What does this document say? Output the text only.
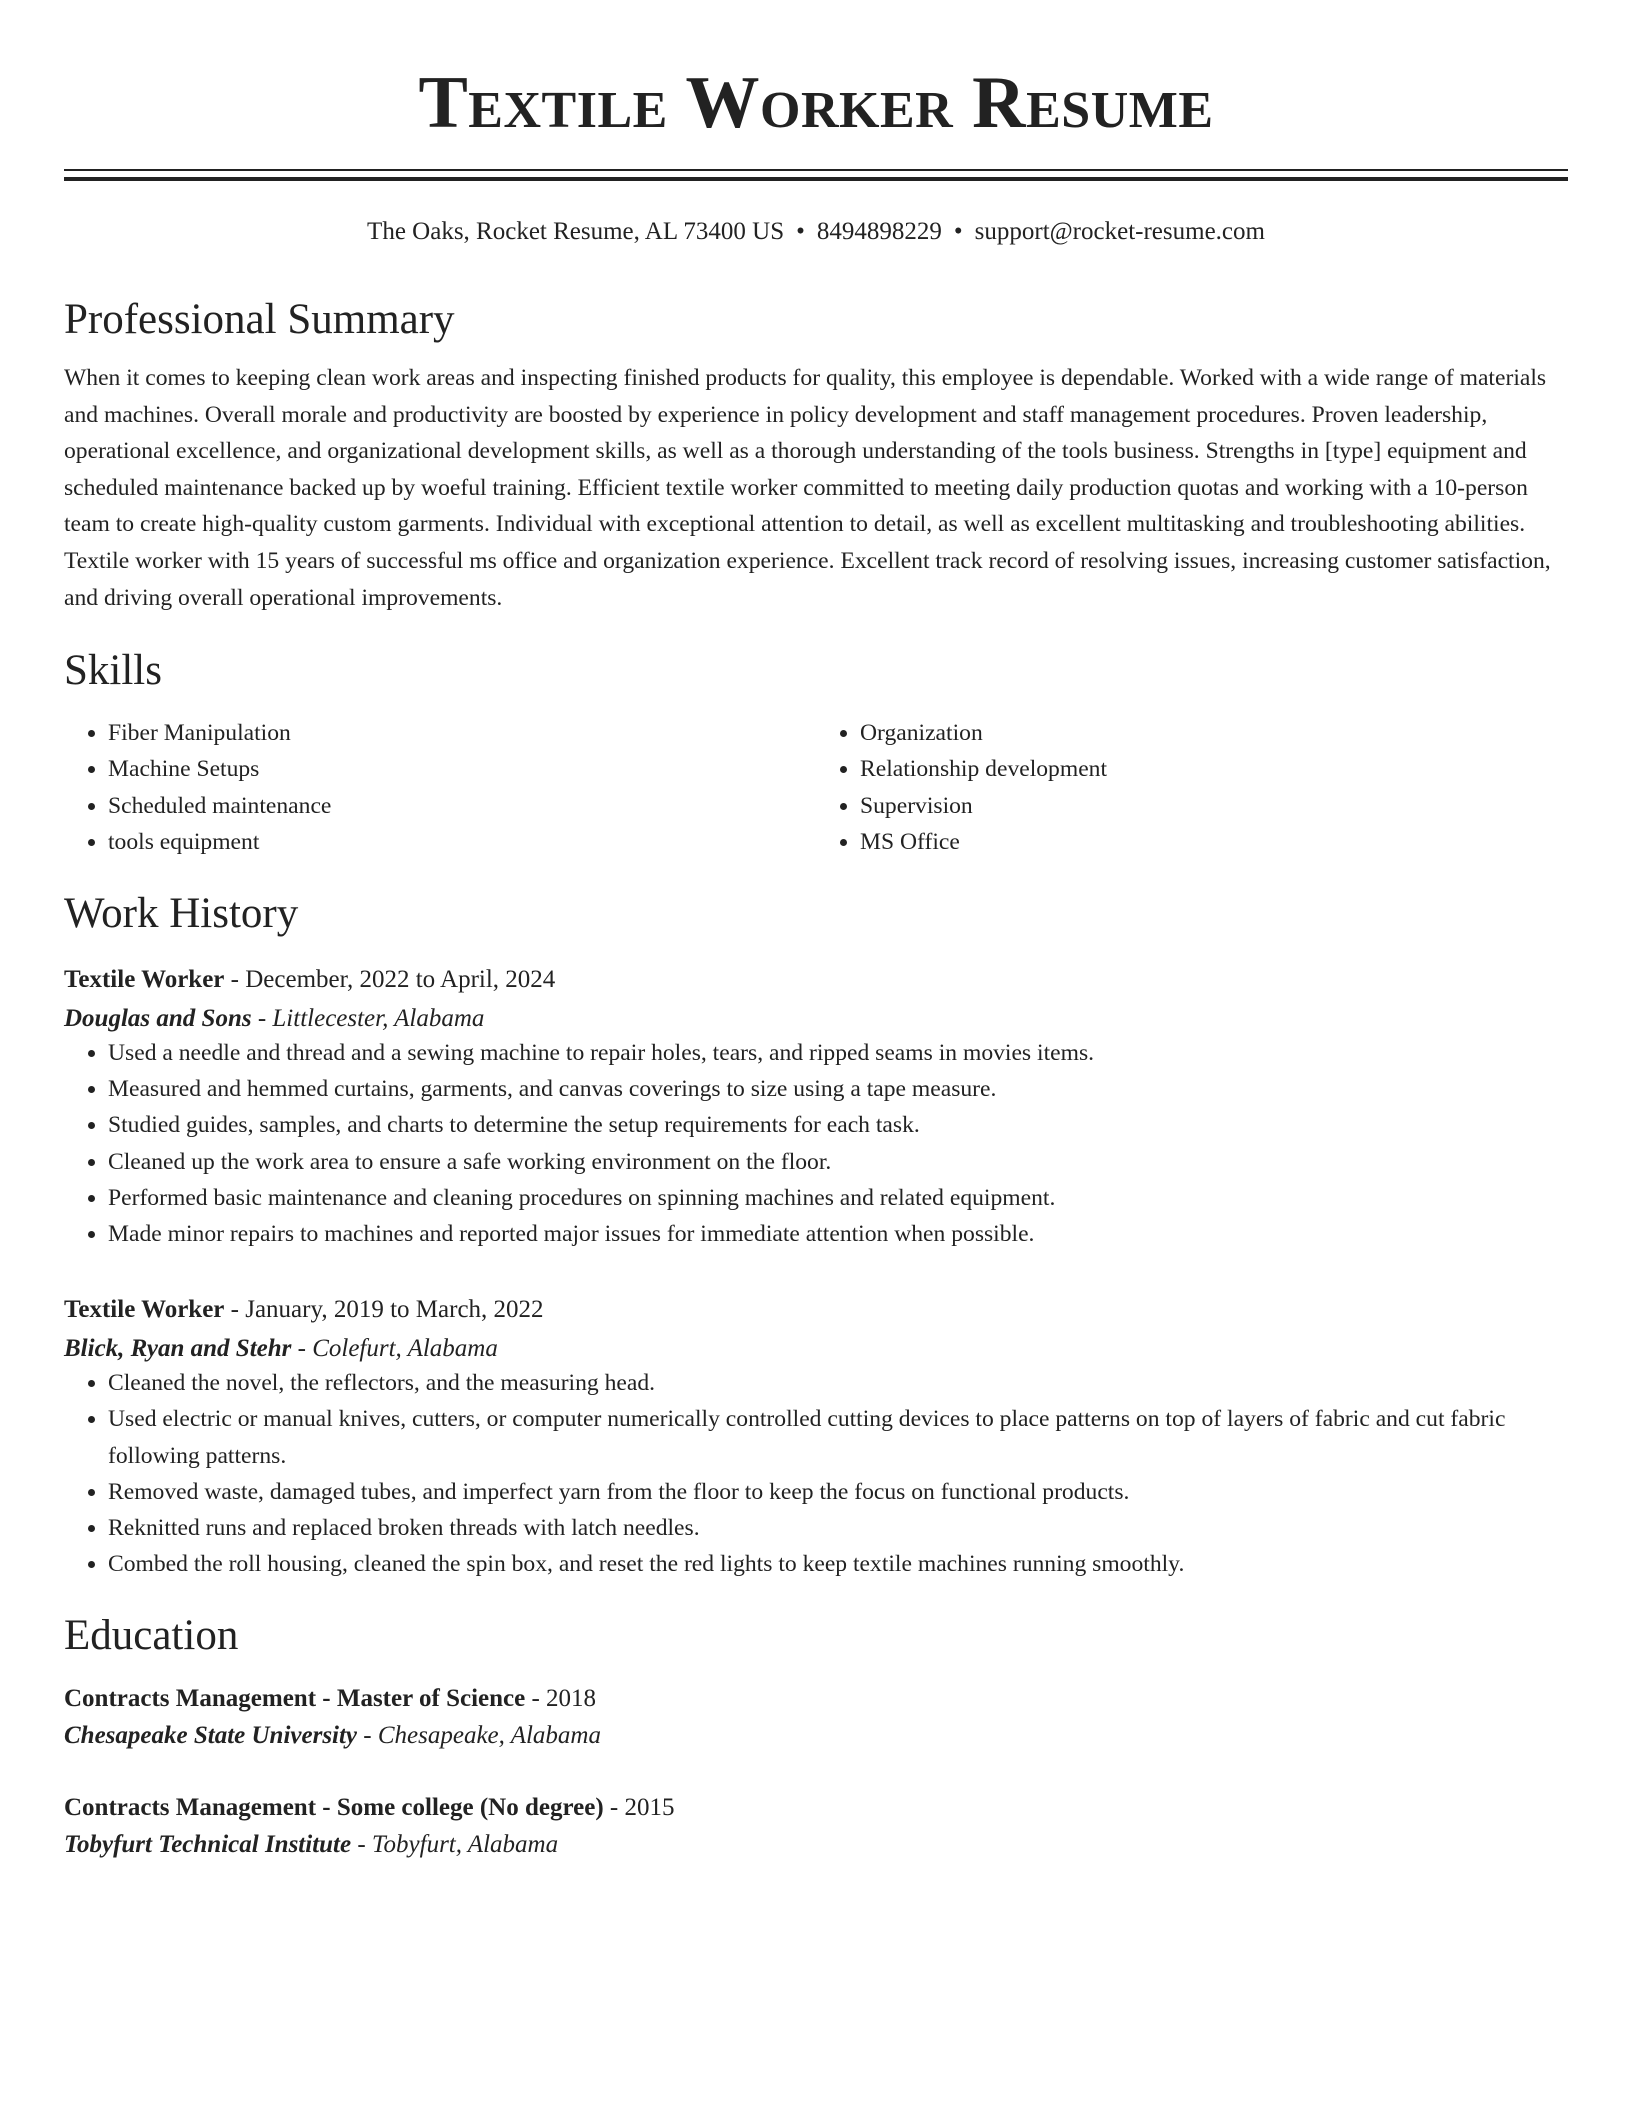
Textile Worker Resume
The Oaks, Rocket Resume, AL 73400 US • 8494898229 • support@rocket-resume.com
Professional Summary

When it comes to keeping clean work areas and inspecting finished products for quality, this employee is dependable. Worked with a wide range of materials and machines. Overall morale and productivity are boosted by experience in policy development and staff management procedures. Proven leadership, operational excellence, and organizational development skills, as well as a thorough understanding of the tools business. Strengths in [type] equipment and scheduled maintenance backed up by woeful training. Efficient textile worker committed to meeting daily production quotas and working with a 10-person team to create high-quality custom garments. Individual with exceptional attention to detail, as well as excellent multitasking and troubleshooting abilities. Textile worker with 15 years of successful ms office and organization experience. Excellent track record of resolving issues, increasing customer satisfaction, and driving overall operational improvements.

Skills
• Fiber Manipulation
• Machine Setups
• Scheduled maintenance
• tools equipment
• Organization
• Relationship development
• Supervision
• MS Office
Work History
Textile Worker - December, 2022 to April, 2024
Douglas and Sons - Littlecester, Alabama
• Used a needle and thread and a sewing machine to repair holes, tears, and ripped seams in movies items.
• Measured and hemmed curtains, garments, and canvas coverings to size using a tape measure.
• Studied guides, samples, and charts to determine the setup requirements for each task.
• Cleaned up the work area to ensure a safe working environment on the floor.
• Performed basic maintenance and cleaning procedures on spinning machines and related equipment.
• Made minor repairs to machines and reported major issues for immediate attention when possible.
Textile Worker - January, 2019 to March, 2022
Blick, Ryan and Stehr - Colefurt, Alabama
• Cleaned the novel, the reflectors, and the measuring head.
• Used electric or manual knives, cutters, or computer numerically controlled cutting devices to place patterns on top of layers of fabric and cut fabric following patterns.
• Removed waste, damaged tubes, and imperfect yarn from the floor to keep the focus on functional products.
• Reknitted runs and replaced broken threads with latch needles.
• Combed the roll housing, cleaned the spin box, and reset the red lights to keep textile machines running smoothly.
Education
Contracts Management - Master of Science - 2018
Chesapeake State University - Chesapeake, Alabama
Contracts Management - Some college (No degree) - 2015
Tobyfurt Technical Institute - Tobyfurt, Alabama
